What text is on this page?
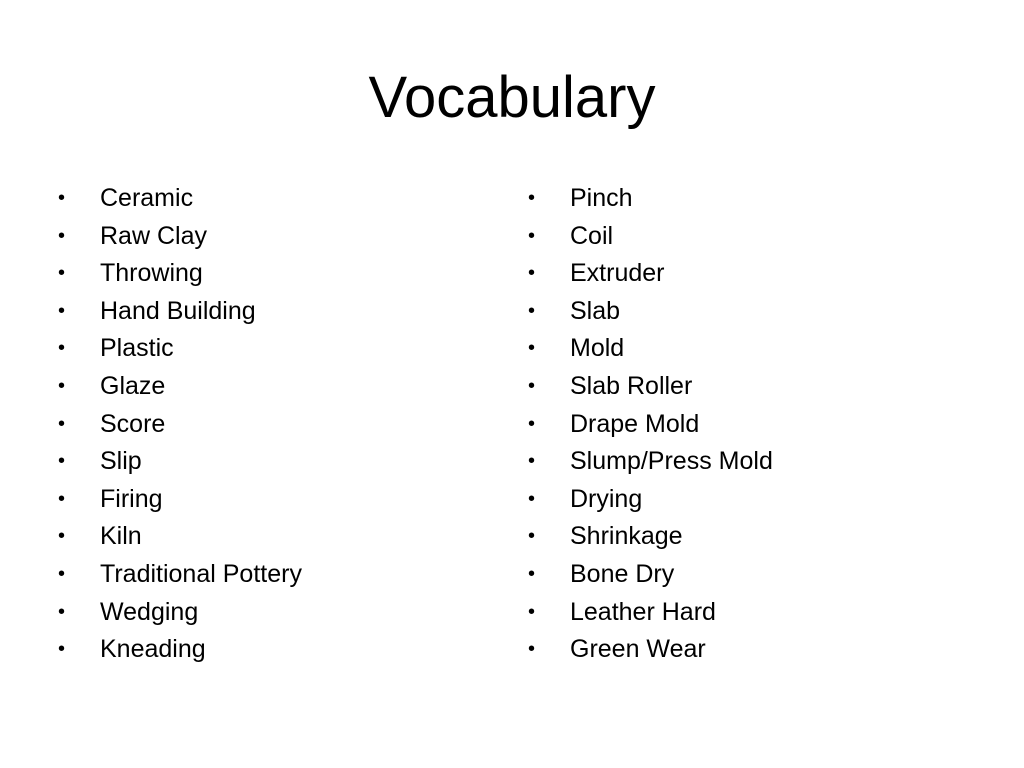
Vocabulary
•	Ceramic
•	Raw Clay
•	Throwing
•	Hand Building
•	Plastic
•	Glaze
•	Score
•	Slip
•	Firing
•	Kiln
•	Traditional Pottery
•	Wedging
•	Kneading
•	Pinch
•	Coil
•	Extruder
•	Slab
•	Mold
•	Slab Roller
•	Drape Mold
•	Slump/Press Mold
•	Drying
•	Shrinkage
•	Bone Dry
•	Leather Hard
•	Green Wear
